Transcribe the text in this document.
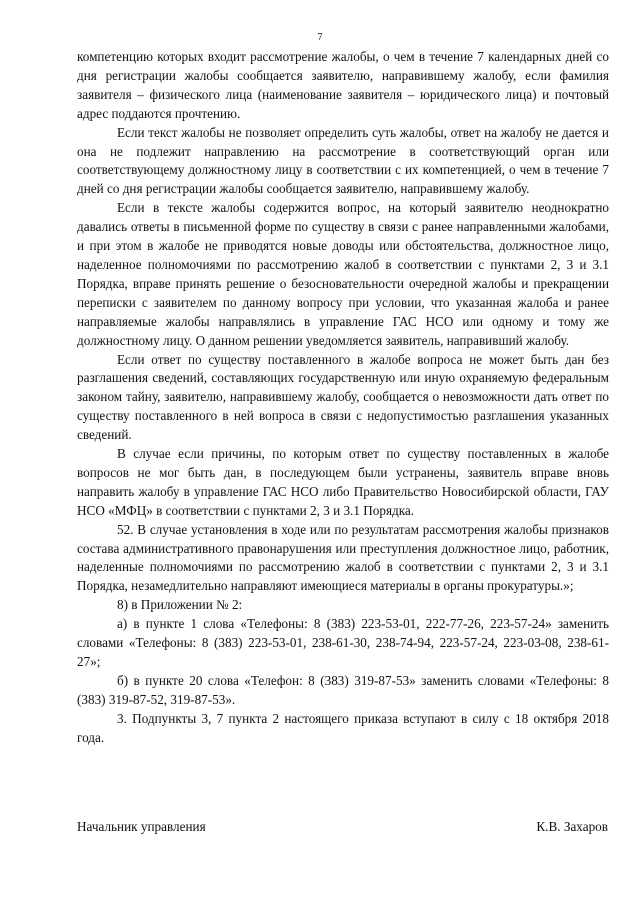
7

компетенцию которых входит рассмотрение жалобы, о чем в течение 7 календарных дней со дня регистрации жалобы сообщается заявителю, направившему жалобу, если фамилия заявителя – физического лица (наименование заявителя – юридического лица) и почтовый адрес поддаются прочтению.

Если текст жалобы не позволяет определить суть жалобы, ответ на жалобу не дается и она не подлежит направлению на рассмотрение в соответствующий орган или соответствующему должностному лицу в соответствии с их компетенцией, о чем в течение 7 дней со дня регистрации жалобы сообщается заявителю, направившему жалобу.

Если в тексте жалобы содержится вопрос, на который заявителю неоднократно давались ответы в письменной форме по существу в связи с ранее направленными жалобами, и при этом в жалобе не приводятся новые доводы или обстоятельства, должностное лицо, наделенное полномочиями по рассмотрению жалоб в соответствии с пунктами 2, 3 и 3.1 Порядка, вправе принять решение о безосновательности очередной жалобы и прекращении переписки с заявителем по данному вопросу при условии, что указанная жалоба и ранее направляемые жалобы направлялись в управление ГАС НСО или одному и тому же должностному лицу. О данном решении уведомляется заявитель, направивший жалобу.

Если ответ по существу поставленного в жалобе вопроса не может быть дан без разглашения сведений, составляющих государственную или иную охраняемую федеральным законом тайну, заявителю, направившему жалобу, сообщается о невозможности дать ответ по существу поставленного в ней вопроса в связи с недопустимостью разглашения указанных сведений.

В случае если причины, по которым ответ по существу поставленных в жалобе вопросов не мог быть дан, в последующем были устранены, заявитель вправе вновь направить жалобу в управление ГАС НСО либо Правительство Новосибирской области, ГАУ НСО «МФЦ» в соответствии с пунктами 2, 3 и 3.1 Порядка.

52. В случае установления в ходе или по результатам рассмотрения жалобы признаков состава административного правонарушения или преступления должностное лицо, работник, наделенные полномочиями по рассмотрению жалоб в соответствии с пунктами 2, 3 и 3.1 Порядка, незамедлительно направляют имеющиеся материалы в органы прокуратуры.»;

8) в Приложении № 2:

а) в пункте 1 слова «Телефоны: 8 (383) 223-53-01, 222-77-26, 223-57-24» заменить словами «Телефоны: 8 (383) 223-53-01, 238-61-30, 238-74-94, 223-57-24, 223-03-08, 238-61-27»;

б) в пункте 20 слова «Телефон: 8 (383) 319-87-53» заменить словами «Телефоны: 8 (383) 319-87-52, 319-87-53».

3. Подпункты 3, 7 пункта 2 настоящего приказа вступают в силу с 18 октября 2018 года.

Начальник управления	К.В. Захаров
